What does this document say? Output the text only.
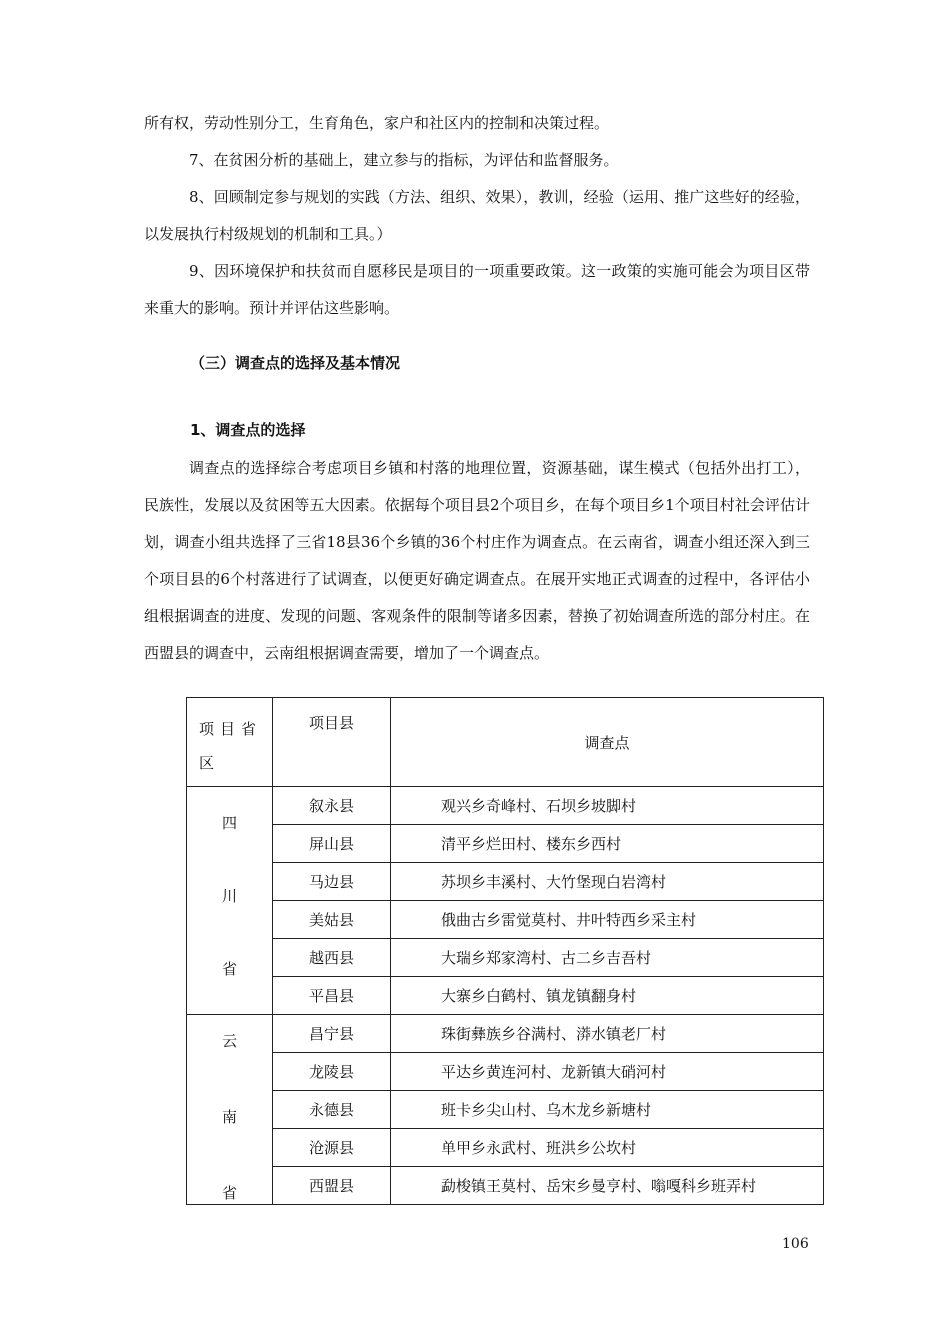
所有权，劳动性别分工，生育角色，家户和社区内的控制和决策过程。

7、在贫困分析的基础上，建立参与的指标，为评估和监督服务。

8、回顾制定参与规划的实践（方法、组织、效果），教训，经验（运用、推广这些好的经验，以发展执行村级规划的机制和工具。）

9、因环境保护和扶贫而自愿移民是项目的一项重要政策。这一政策的实施可能会为项目区带来重大的影响。预计并评估这些影响。

（三）调查点的选择及基本情况
1、调查点的选择

调查点的选择综合考虑项目乡镇和村落的地理位置，资源基础，谋生模式（包括外出打工），民族性，发展以及贫困等五大因素。依据每个项目县2个项目乡，在每个项目乡1个项目村社会评估计划，调查小组共选择了三省18县36个乡镇的36个村庄作为调查点。在云南省，调查小组还深入到三个项目县的6个村落进行了试调查，以便更好确定调查点。在展开实地正式调查的过程中，各评估小组根据调查的进度、发现的问题、客观条件的限制等诸多因素，替换了初始调查所选的部分村庄。在西盟县的调查中，云南组根据调查需要，增加了一个调查点。

项目省区	项目县	调查点

四
川
省	叙永县	观兴乡奇峰村、石坝乡坡脚村
	屏山县	清平乡烂田村、楼东乡西村
	马边县	苏坝乡丰溪村、大竹堡现白岩湾村
	美姑县	俄曲古乡雷觉莫村、井叶特西乡采主村
	越西县	大瑞乡郑家湾村、古二乡吉吾村
	平昌县	大寨乡白鹤村、镇龙镇翻身村

云
南
省	昌宁县	珠街彝族乡谷满村、漭水镇老厂村
	龙陵县	平达乡黄连河村、龙新镇大硝河村
	永德县	班卡乡尖山村、乌木龙乡新塘村
	沧源县	单甲乡永武村、班洪乡公坎村
	西盟县	勐梭镇王莫村、岳宋乡曼亨村、嗡嘎科乡班弄村
106
